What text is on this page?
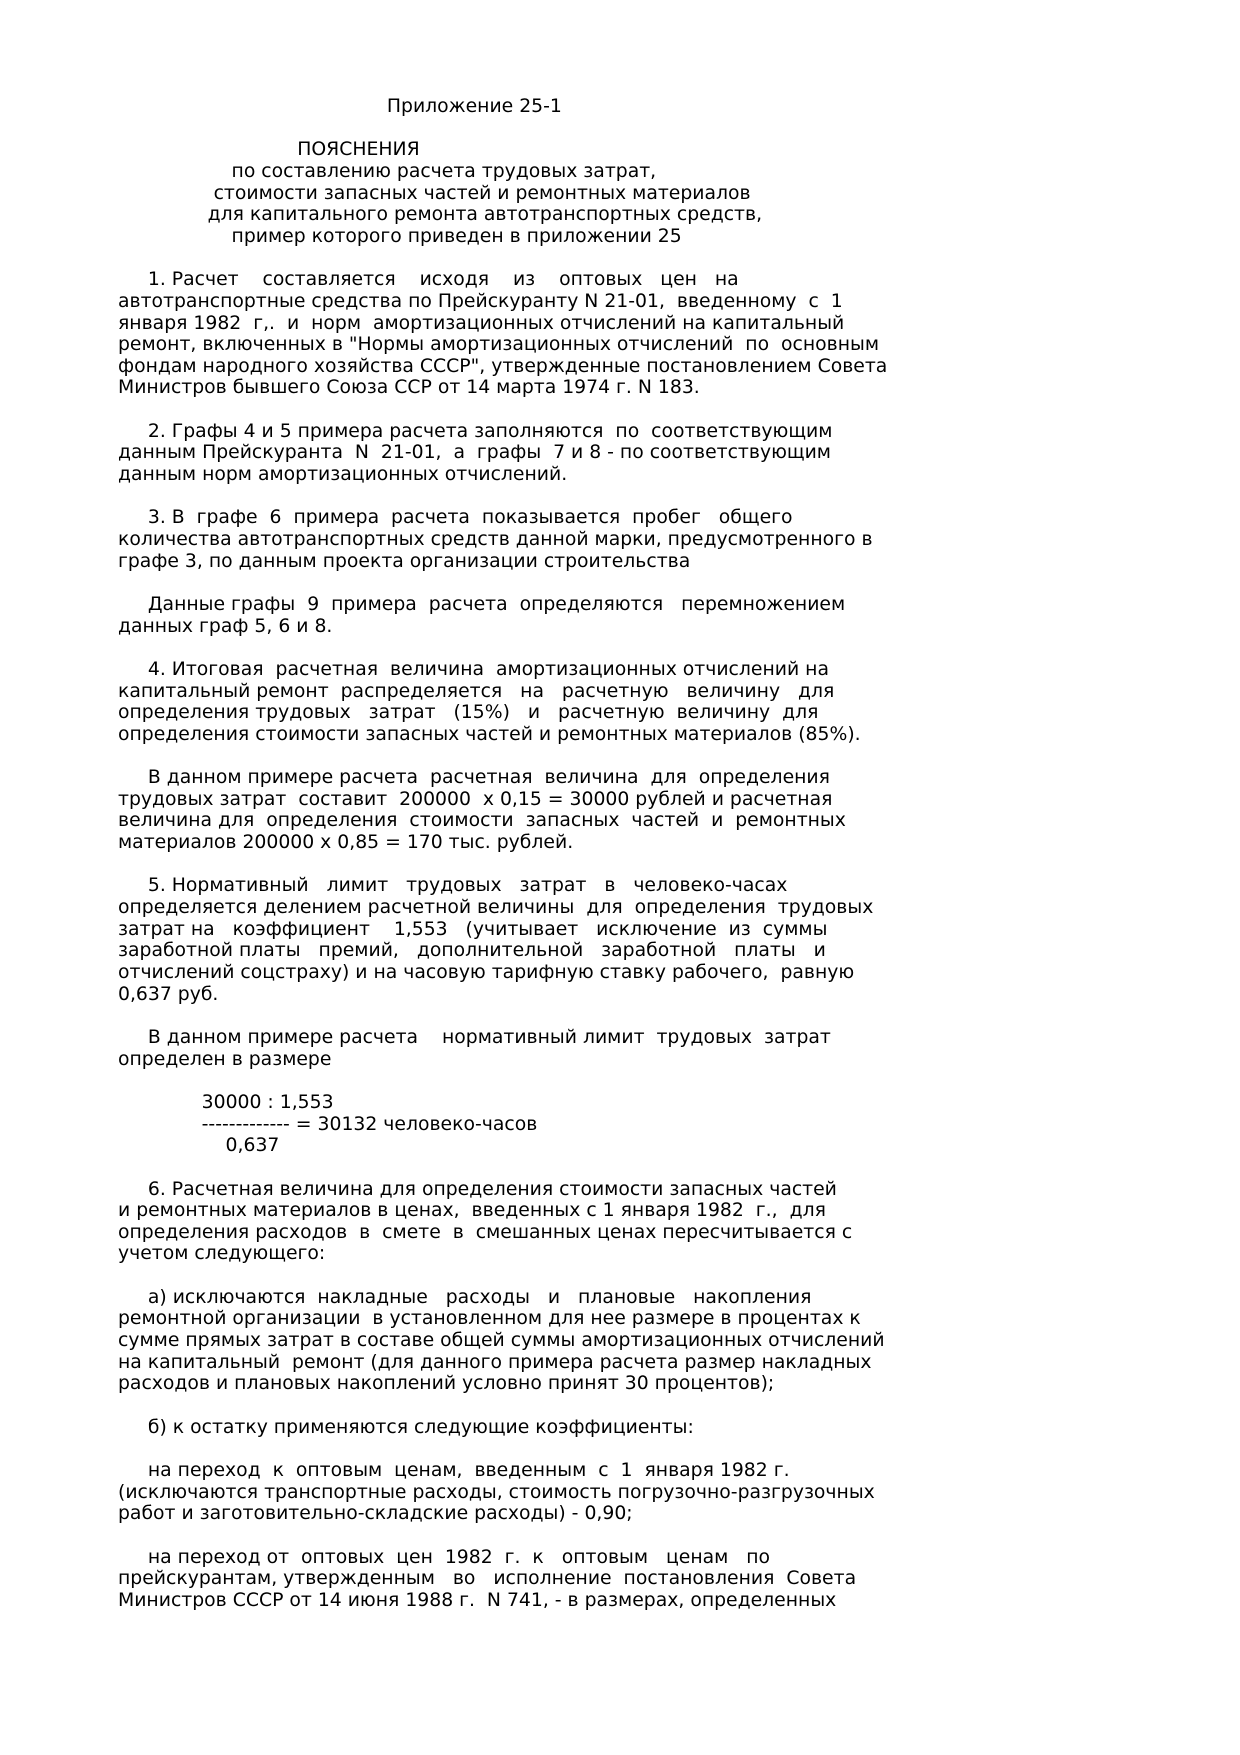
Приложение 25-1

ПОЯСНЕНИЯ

по составлению расчета трудовых затрат,

стоимости запасных частей и ремонтных материалов

для капитального ремонта автотранспортных средств,

пример которого приведен в приложении 25

1. Расчет    составляется    исходя    из    оптовых   цен   на

автотранспортные средства по Прейскуранту N 21-01,  введенному  с  1

января 1982  г,.  и  норм  амортизационных отчислений на капитальный

ремонт, включенных в "Нормы амортизационных отчислений  по  основным

фондам народного хозяйства СССР", утвержденные постановлением Совета

Министров бывшего Союза ССР от 14 марта 1974 г. N 183.

2. Графы 4 и 5 примера расчета заполняются  по  соответствующим

данным Прейскуранта  N  21-01,  а  графы  7 и 8 - по соответствующим

данным норм амортизационных отчислений.

3. В  графе  6  примера  расчета  показывается  пробег   общего

количества автотранспортных средств данной марки, предусмотренного в

графе 3, по данным проекта организации строительства

Данные графы  9  примера  расчета  определяются   перемножением

данных граф 5, 6 и 8.

4. Итоговая  расчетная  величина  амортизационных отчислений на

капитальный ремонт  распределяется   на   расчетную   величину   для

определения трудовых   затрат   (15%)   и   расчетную  величину  для

определения стоимости запасных частей и ремонтных материалов (85%).

В данном примере расчета  расчетная  величина  для  определения

трудовых затрат  составит  200000  х 0,15 = 30000 рублей и расчетная

величина для  определения  стоимости  запасных  частей  и  ремонтных

материалов 200000 х 0,85 = 170 тыс. рублей.

5. Нормативный   лимит   трудовых   затрат   в   человеко-часах

определяется делением расчетной величины  для  определения  трудовых

затрат на   коэффициент    1,553   (учитывает   исключение  из  суммы

заработной платы   премий,   дополнительной   заработной   платы   и

отчислений соцстраху) и на часовую тарифную ставку рабочего,  равную

0,637 руб.

В данном примере расчета    нормативный лимит  трудовых  затрат

определен в размере

30000 : 1,553

------------- = 30132 человеко-часов

0,637

6. Расчетная величина для определения стоимости запасных частей

и ремонтных материалов в ценах,  введенных с 1 января 1982  г.,  для

определения расходов  в  смете  в  смешанных ценах пересчитывается с

учетом следующего:

а) исключаются  накладные   расходы   и   плановые   накопления

ремонтной организации  в установленном для нее размере в процентах к

сумме прямых затрат в составе общей суммы амортизационных отчислений

на капитальный  ремонт (для данного примера расчета размер накладных

расходов и плановых накоплений условно принят 30 процентов);

б) к остатку применяются следующие коэффициенты:

на переход  к  оптовым  ценам,  введенным  с  1  января 1982 г.

(исключаются транспортные расходы, стоимость погрузочно-разгрузочных

работ и заготовительно-складские расходы) - 0,90;

на переход от  оптовых  цен  1982  г.  к   оптовым   ценам   по

прейскурантам, утвержденным   во   исполнение  постановления  Совета

Министров СССР от 14 июня 1988 г.  N 741, - в размерах, определенных
